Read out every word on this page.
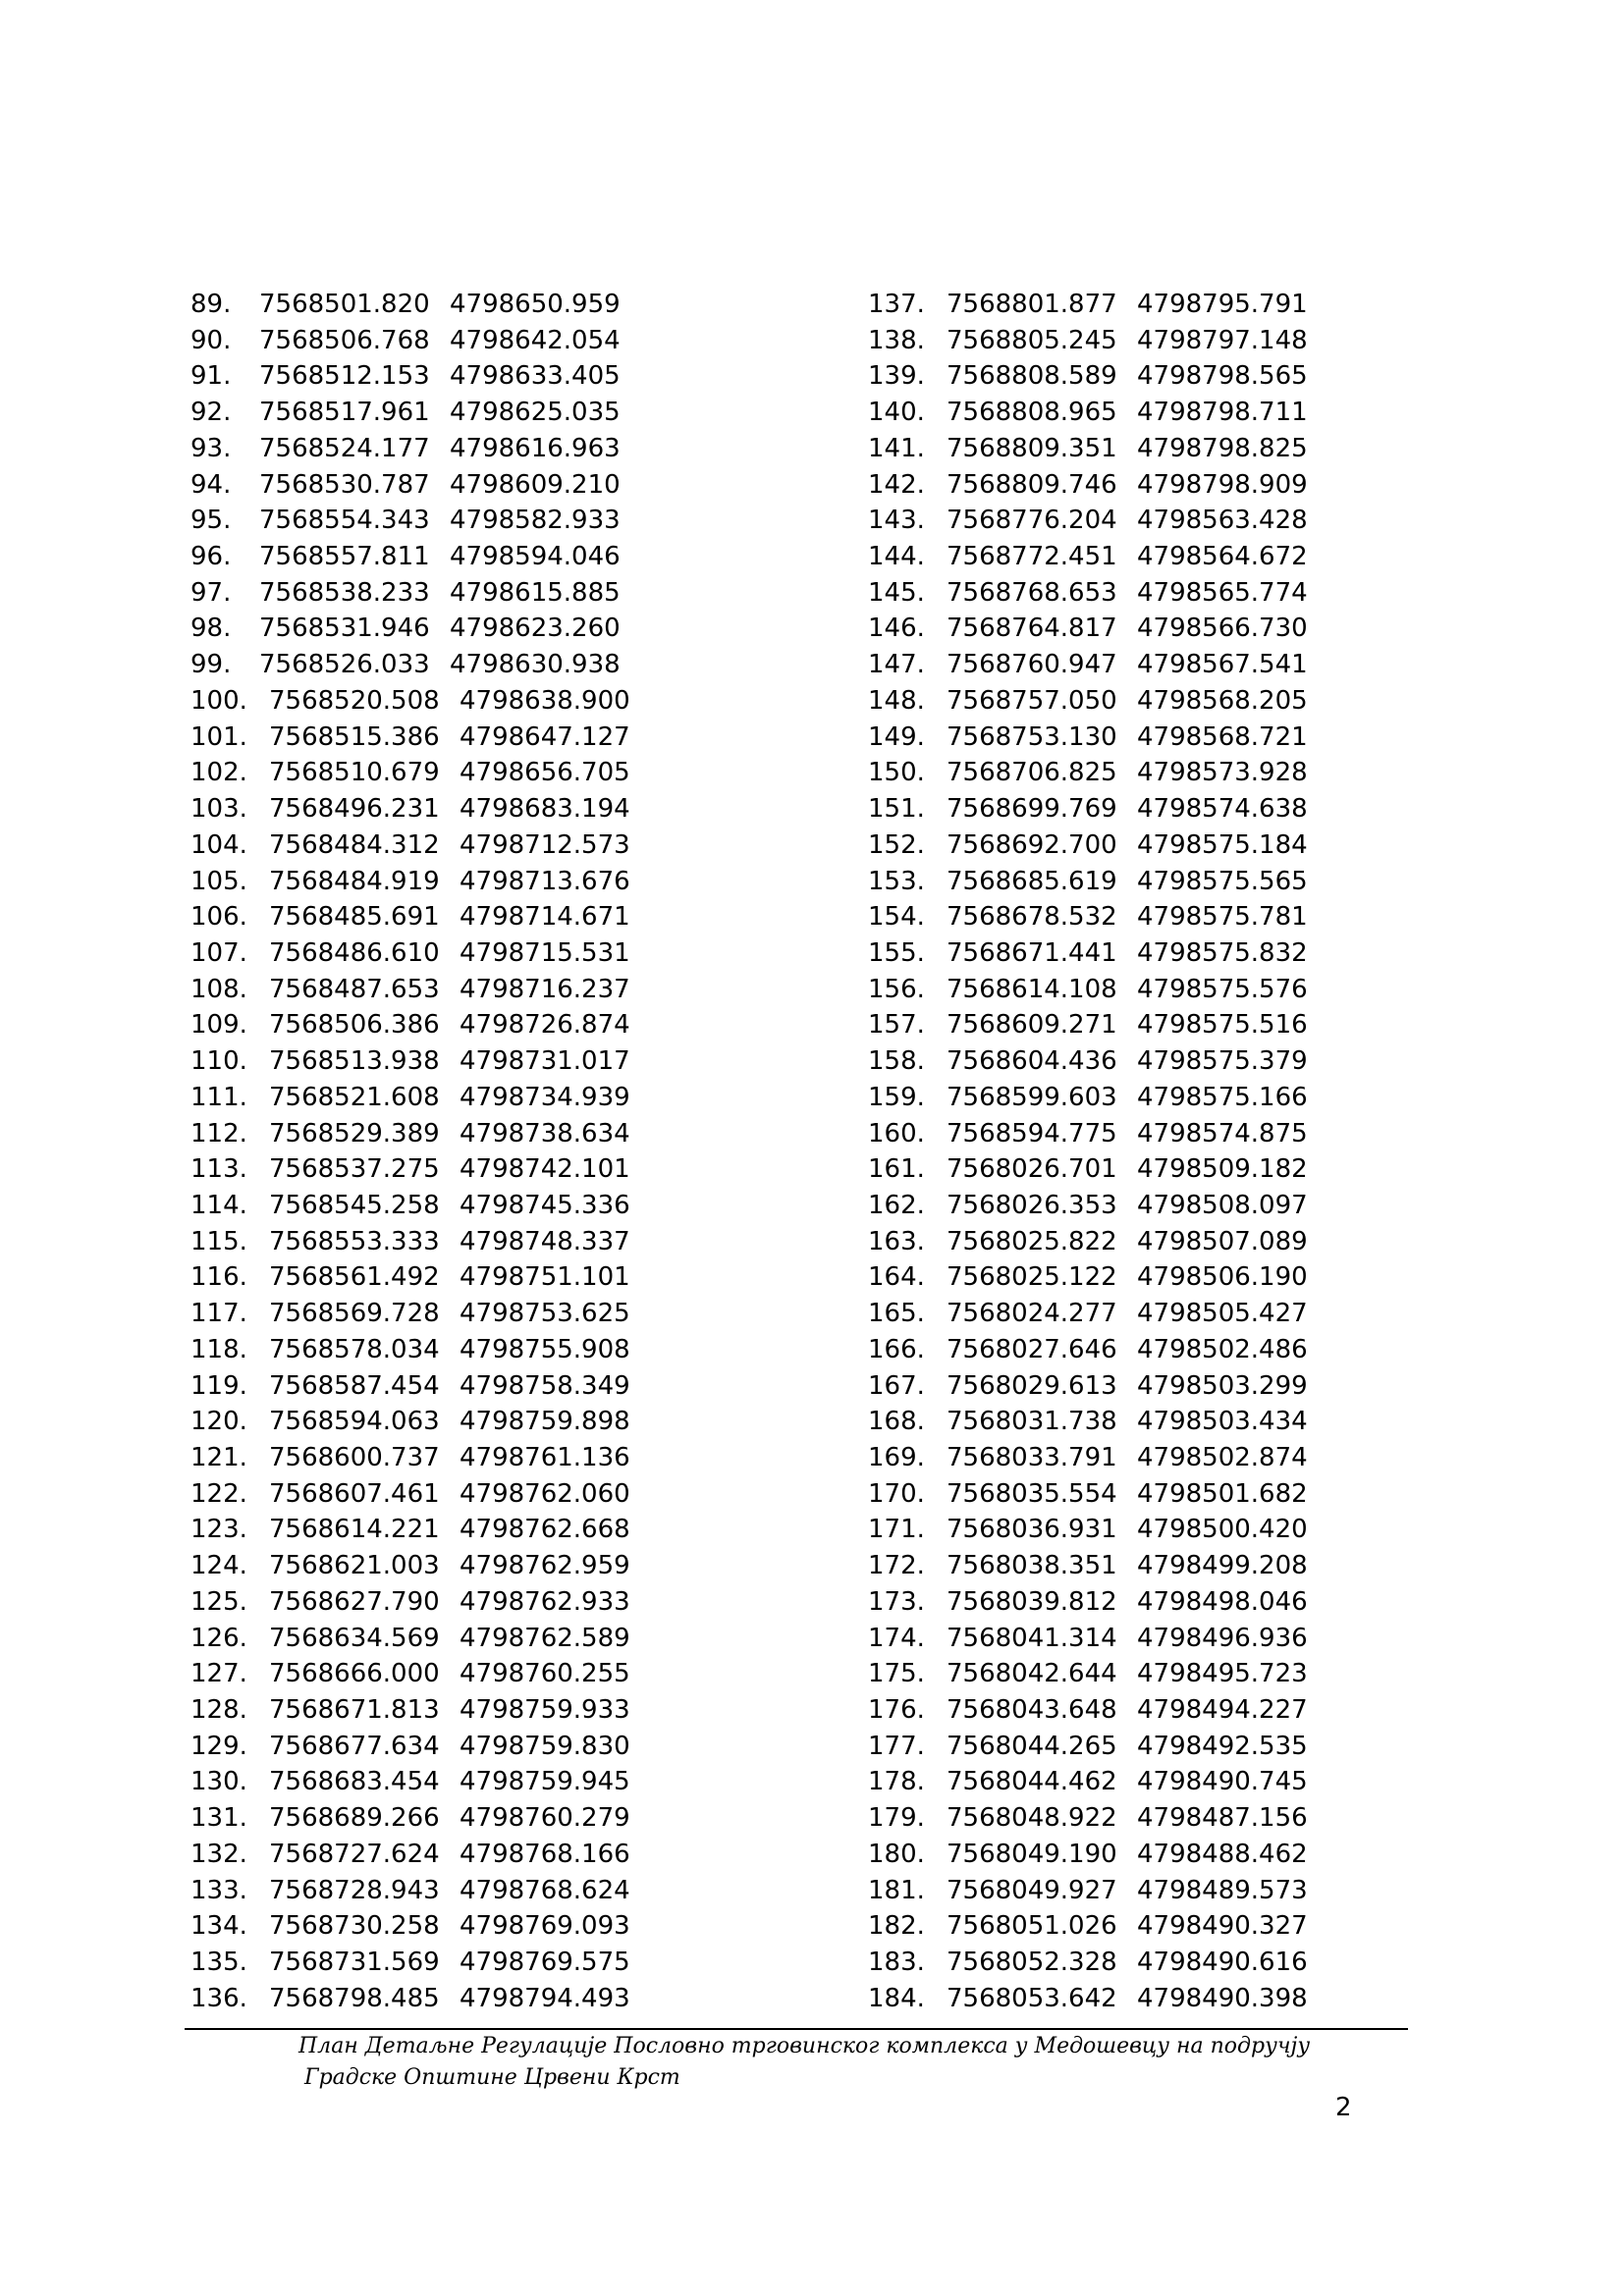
89. 7568501.820 4798650.959
90. 7568506.768 4798642.054
91. 7568512.153 4798633.405
92. 7568517.961 4798625.035
93. 7568524.177 4798616.963
94. 7568530.787 4798609.210
95. 7568554.343 4798582.933
96. 7568557.811 4798594.046
97. 7568538.233 4798615.885
98. 7568531.946 4798623.260
99. 7568526.033 4798630.938
100. 7568520.508 4798638.900
101. 7568515.386 4798647.127
102. 7568510.679 4798656.705
103. 7568496.231 4798683.194
104. 7568484.312 4798712.573
105. 7568484.919 4798713.676
106. 7568485.691 4798714.671
107. 7568486.610 4798715.531
108. 7568487.653 4798716.237
109. 7568506.386 4798726.874
110. 7568513.938 4798731.017
111. 7568521.608 4798734.939
112. 7568529.389 4798738.634
113. 7568537.275 4798742.101
114. 7568545.258 4798745.336
115. 7568553.333 4798748.337
116. 7568561.492 4798751.101
117. 7568569.728 4798753.625
118. 7568578.034 4798755.908
119. 7568587.454 4798758.349
120. 7568594.063 4798759.898
121. 7568600.737 4798761.136
122. 7568607.461 4798762.060
123. 7568614.221 4798762.668
124. 7568621.003 4798762.959
125. 7568627.790 4798762.933
126. 7568634.569 4798762.589
127. 7568666.000 4798760.255
128. 7568671.813 4798759.933
129. 7568677.634 4798759.830
130. 7568683.454 4798759.945
131. 7568689.266 4798760.279
132. 7568727.624 4798768.166
133. 7568728.943 4798768.624
134. 7568730.258 4798769.093
135. 7568731.569 4798769.575
136. 7568798.485 4798794.493
137. 7568801.877 4798795.791
138. 7568805.245 4798797.148
139. 7568808.589 4798798.565
140. 7568808.965 4798798.711
141. 7568809.351 4798798.825
142. 7568809.746 4798798.909
143. 7568776.204 4798563.428
144. 7568772.451 4798564.672
145. 7568768.653 4798565.774
146. 7568764.817 4798566.730
147. 7568760.947 4798567.541
148. 7568757.050 4798568.205
149. 7568753.130 4798568.721
150. 7568706.825 4798573.928
151. 7568699.769 4798574.638
152. 7568692.700 4798575.184
153. 7568685.619 4798575.565
154. 7568678.532 4798575.781
155. 7568671.441 4798575.832
156. 7568614.108 4798575.576
157. 7568609.271 4798575.516
158. 7568604.436 4798575.379
159. 7568599.603 4798575.166
160. 7568594.775 4798574.875
161. 7568026.701 4798509.182
162. 7568026.353 4798508.097
163. 7568025.822 4798507.089
164. 7568025.122 4798506.190
165. 7568024.277 4798505.427
166. 7568027.646 4798502.486
167. 7568029.613 4798503.299
168. 7568031.738 4798503.434
169. 7568033.791 4798502.874
170. 7568035.554 4798501.682
171. 7568036.931 4798500.420
172. 7568038.351 4798499.208
173. 7568039.812 4798498.046
174. 7568041.314 4798496.936
175. 7568042.644 4798495.723
176. 7568043.648 4798494.227
177. 7568044.265 4798492.535
178. 7568044.462 4798490.745
179. 7568048.922 4798487.156
180. 7568049.190 4798488.462
181. 7568049.927 4798489.573
182. 7568051.026 4798490.327
183. 7568052.328 4798490.616
184. 7568053.642 4798490.398
План Детаљне Регулације Пословно трговинског комплекса у Медошевцу на подручју
Градске Општине Црвени Крст
2
